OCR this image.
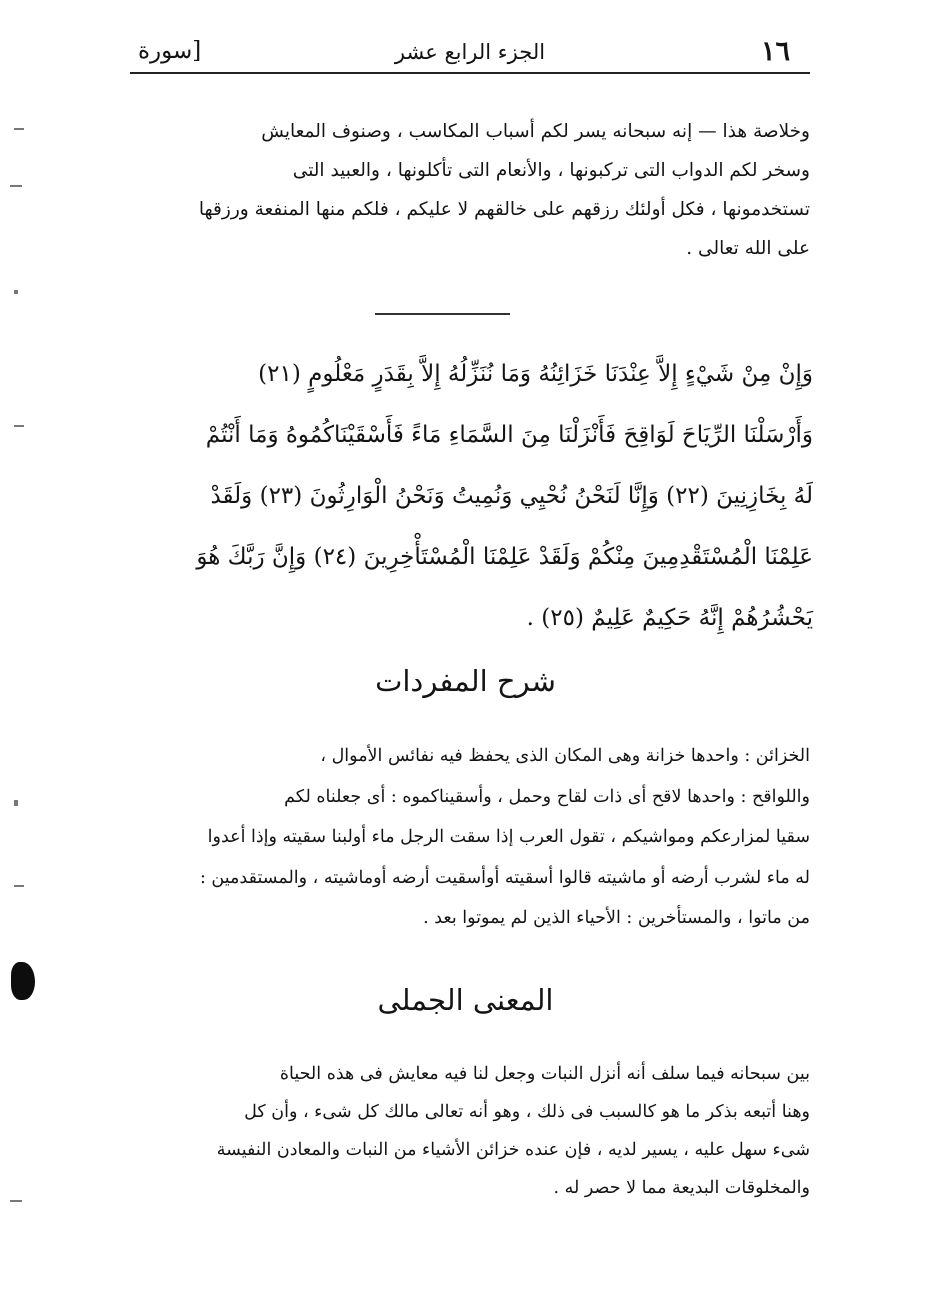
١٦
الجزء الرابع عشر
[سورة

وخلاصة هذا — إنه سبحانه يسر لكم أسباب المكاسب ، وصنوف المعايش

وسخر لكم الدواب التى تركبونها ، والأنعام التى تأكلونها ، والعبيد التى

تستخدمونها ، فكل أولئك رزقهم على خالقهم لا عليكم ، فلكم منها المنفعة ورزقها

على الله تعالى .

وَإِنْ مِنْ شَيْءٍ إِلاَّ عِنْدَنَا خَزَائِنُهُ وَمَا نُنَزِّلُهُ إِلاَّ بِقَدَرٍ مَعْلُومٍ (٢١)

وَأَرْسَلْنَا الرِّيَاحَ لَوَاقِحَ فَأَنْزَلْنَا مِنَ السَّمَاءِ مَاءً فَأَسْقَيْنَاكُمُوهُ وَمَا أَنْتُمْ

لَهُ بِخَازِنِينَ (٢٢) وَإِنَّا لَنَحْنُ نُحْيِي وَنُمِيتُ وَنَحْنُ الْوَارِثُونَ (٢٣) وَلَقَدْ

عَلِمْنَا الْمُسْتَقْدِمِينَ مِنْكُمْ وَلَقَدْ عَلِمْنَا الْمُسْتَأْخِرِينَ (٢٤) وَإِنَّ رَبَّكَ هُوَ

يَحْشُرُهُمْ إِنَّهُ حَكِيمٌ عَلِيمٌ (٢٥) .

شرح المفردات

الخزائن : واحدها خزانة وهى المكان الذى يحفظ فيه نفائس الأموال ،

واللواقح : واحدها لاقح أى ذات لقاح وحمل ، وأسقيناكموه : أى جعلناه لكم

سقيا لمزارعكم ومواشيكم ، تقول العرب إذا سقت الرجل ماء أولبنا سقيته وإذا أعدوا

له ماء لشرب أرضه أو ماشيته قالوا أسقيته أوأسقيت أرضه أوماشيته ، والمستقدمين :

من ماتوا ، والمستأخرين : الأحياء الذين لم يموتوا بعد .

المعنى الجملى

بين سبحانه فيما سلف أنه أنزل النبات وجعل لنا فيه معايش فى هذه الحياة

وهنا أتبعه بذكر ما هو كالسبب فى ذلك ، وهو أنه تعالى مالك كل شىء ، وأن كل

شىء سهل عليه ، يسير لديه ، فإن عنده خزائن الأشياء من النبات والمعادن النفيسة

والمخلوقات البديعة مما لا حصر له .
